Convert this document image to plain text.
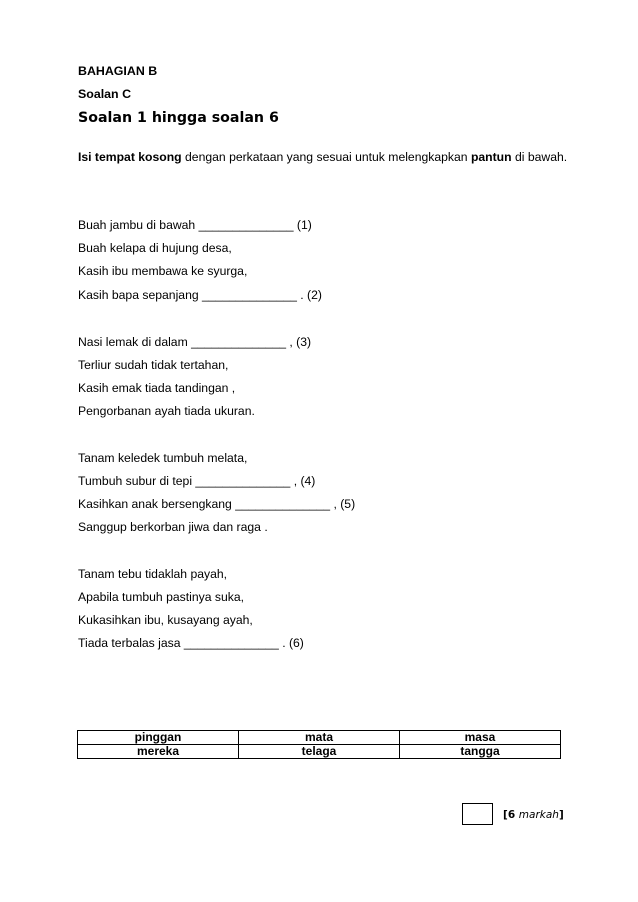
BAHAGIAN B
Soalan C
Soalan 1 hingga soalan 6
Isi tempat kosong dengan perkataan yang sesuai untuk melengkapkan pantun di bawah.
Buah jambu di bawah ______________ (1)
Buah kelapa di hujung desa,
Kasih ibu membawa ke syurga,
Kasih bapa sepanjang ______________ . (2)
Nasi lemak di dalam ______________ , (3)
Terliur sudah tidak tertahan,
Kasih emak tiada tandingan ,
Pengorbanan ayah tiada ukuran.
Tanam keledek tumbuh melata,
Tumbuh subur di tepi ______________ , (4)
Kasihkan anak bersengkang ______________ , (5)
Sanggup berkorban jiwa dan raga .
Tanam tebu tidaklah payah,
Apabila tumbuh pastinya suka,
Kukasihkan ibu, kusayang ayah,
Tiada terbalas jasa ______________ . (6)
pinggan	mata	masa
mereka	telaga	tangga
[6 markah]
